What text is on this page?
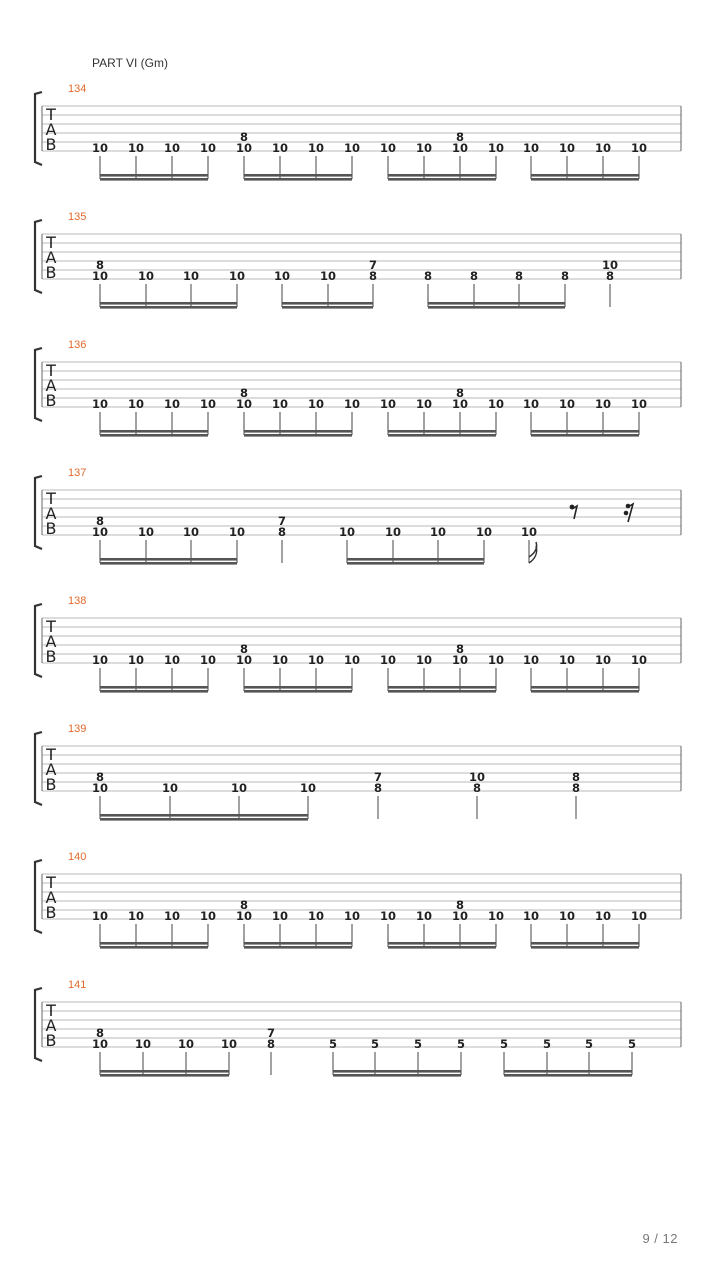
PART VI (Gm)
9 / 12
134
135
136
137
138
139
140
141
T
A
B	10 10 10 10
8
10 10 10 10 10 10
8
10 10 10 10 10 10
T
A
B	8
10	10	10	10	10	10
7
8	8	8	8	8
10
8
T
A
B	10 10 10 10
8
10 10 10 10 10 10
8
10 10 10 10 10 10
T
A
B	8
10	10	10	10
7
8	10	10	10	10	10
T
A
B	10 10 10 10
8
10 10 10 10 10 10
8
10 10 10 10 10 10
T
A
B	8
10	10	10	10
7
8
10
8
8
8
T
A
B	10 10 10 10
8
10 10 10 10 10 10
8
10 10 10 10 10 10
T
A
B	8
10 10 10 10
7
8	5	5	5	5	5	5	5	5
